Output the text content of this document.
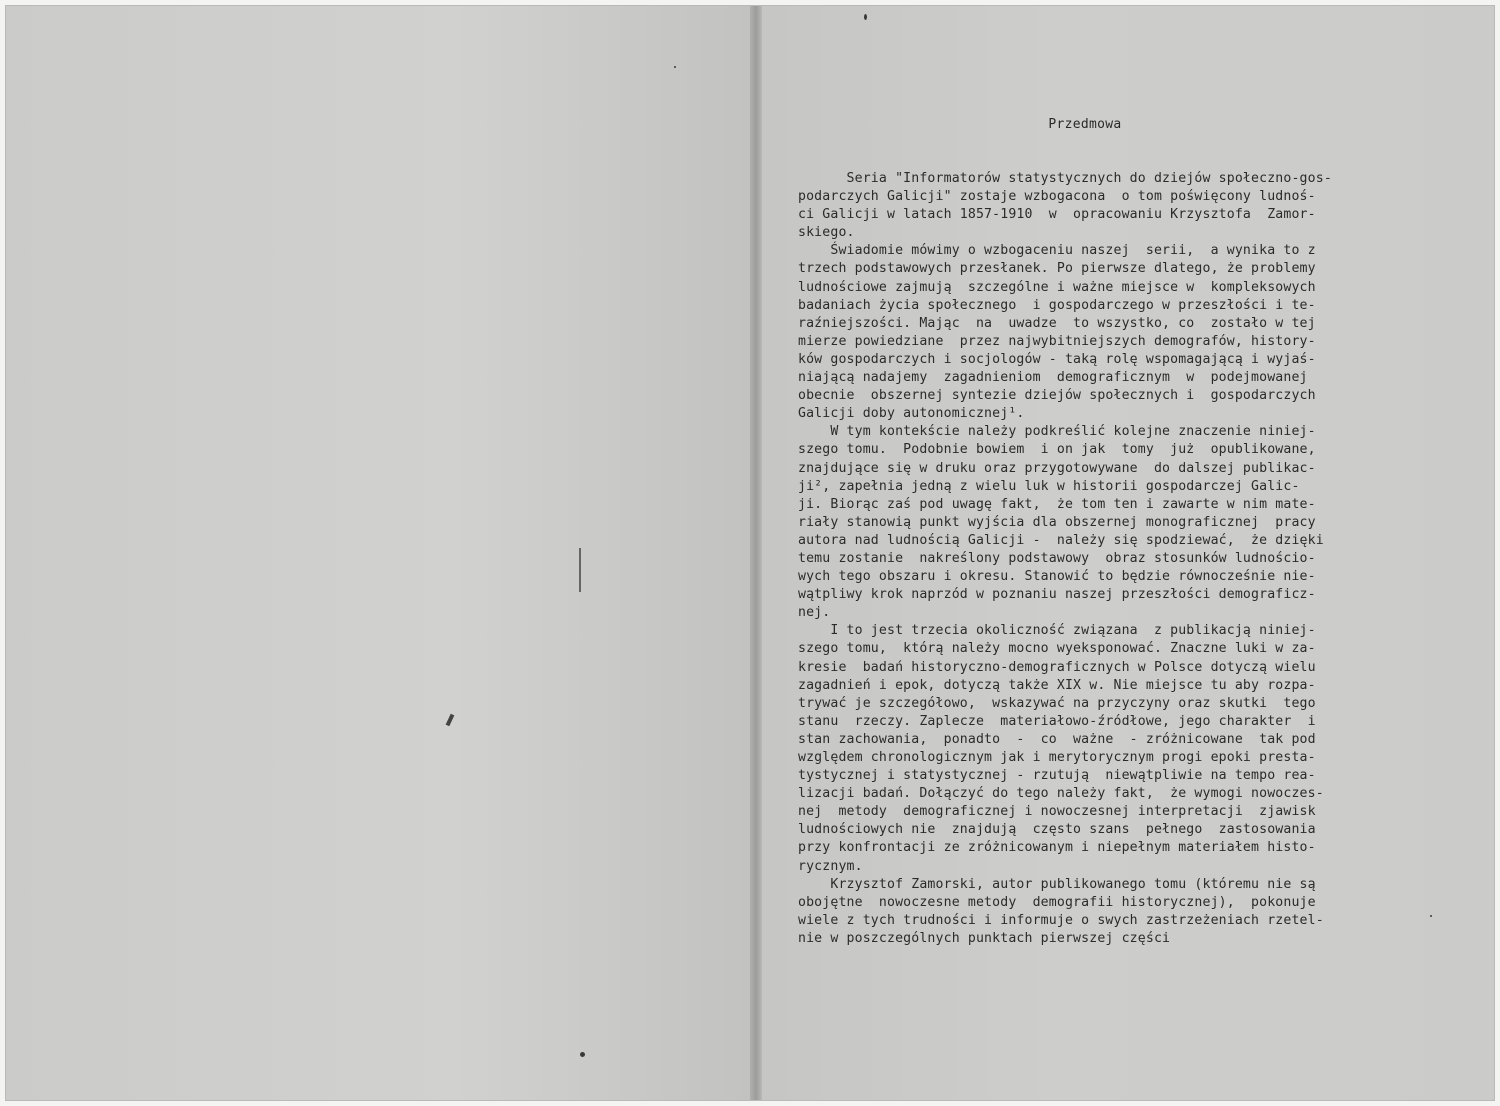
Przedmowa
Seria "Informatorów statystycznych do dziejów społeczno-gos-
podarczych Galicji" zostaje wzbogacona  o tom poświęcony ludnoś-
ci Galicji w latach 1857-1910  w  opracowaniu Krzysztofa  Zamor-
skiego.
Świadomie mówimy o wzbogaceniu naszej  serii,  a wynika to z
trzech podstawowych przesłanek. Po pierwsze dlatego, że problemy
ludnościowe zajmują  szczególne i ważne miejsce w  kompleksowych
badaniach życia społecznego  i gospodarczego w przeszłości i te-
raźniejszości. Mając  na  uwadze  to wszystko, co  zostało w tej
mierze powiedziane  przez najwybitniejszych demografów, history-
ków gospodarczych i socjologów - taką rolę wspomagającą i wyjaś-
niającą nadajemy  zagadnieniom  demograficznym  w  podejmowanej
obecnie  obszernej syntezie dziejów społecznych i  gospodarczych
Galicji doby autonomicznej¹.
W tym kontekście należy podkreślić kolejne znaczenie niniej-
szego tomu.  Podobnie bowiem  i on jak  tomy  już  opublikowane,
znajdujące się w druku oraz przygotowywane  do dalszej publikac-
ji², zapełnia jedną z wielu luk w historii gospodarczej Galic-
ji. Biorąc zaś pod uwagę fakt,  że tom ten i zawarte w nim mate-
riały stanowią punkt wyjścia dla obszernej monograficznej  pracy
autora nad ludnością Galicji -  należy się spodziewać,  że dzięki
temu zostanie  nakreślony podstawowy  obraz stosunków ludnościo-
wych tego obszaru i okresu. Stanowić to będzie równocześnie nie-
wątpliwy krok naprzód w poznaniu naszej przeszłości demograficz-
nej.
I to jest trzecia okoliczność związana  z publikacją niniej-
szego tomu,  którą należy mocno wyeksponować. Znaczne luki w za-
kresie  badań historyczno-demograficznych w Polsce dotyczą wielu
zagadnień i epok, dotyczą także XIX w. Nie miejsce tu aby rozpa-
trywać je szczegółowo,  wskazywać na przyczyny oraz skutki  tego
stanu  rzeczy. Zaplecze  materiałowo-źródłowe, jego charakter  i
stan zachowania,  ponadto  -  co  ważne  - zróżnicowane  tak pod
względem chronologicznym jak i merytorycznym progi epoki presta-
tystycznej i statystycznej - rzutują  niewątpliwie na tempo rea-
lizacji badań. Dołączyć do tego należy fakt,  że wymogi nowoczes-
nej  metody  demograficznej i nowoczesnej interpretacji  zjawisk
ludnościowych nie  znajdują  często szans  pełnego  zastosowania
przy konfrontacji ze zróżnicowanym i niepełnym materiałem histo-
rycznym.
Krzysztof Zamorski, autor publikowanego tomu (któremu nie są
obojętne  nowoczesne metody  demografii historycznej),  pokonuje
wiele z tych trudności i informuje o swych zastrzeżeniach rzetel-
nie w poszczególnych punktach pierwszej części
